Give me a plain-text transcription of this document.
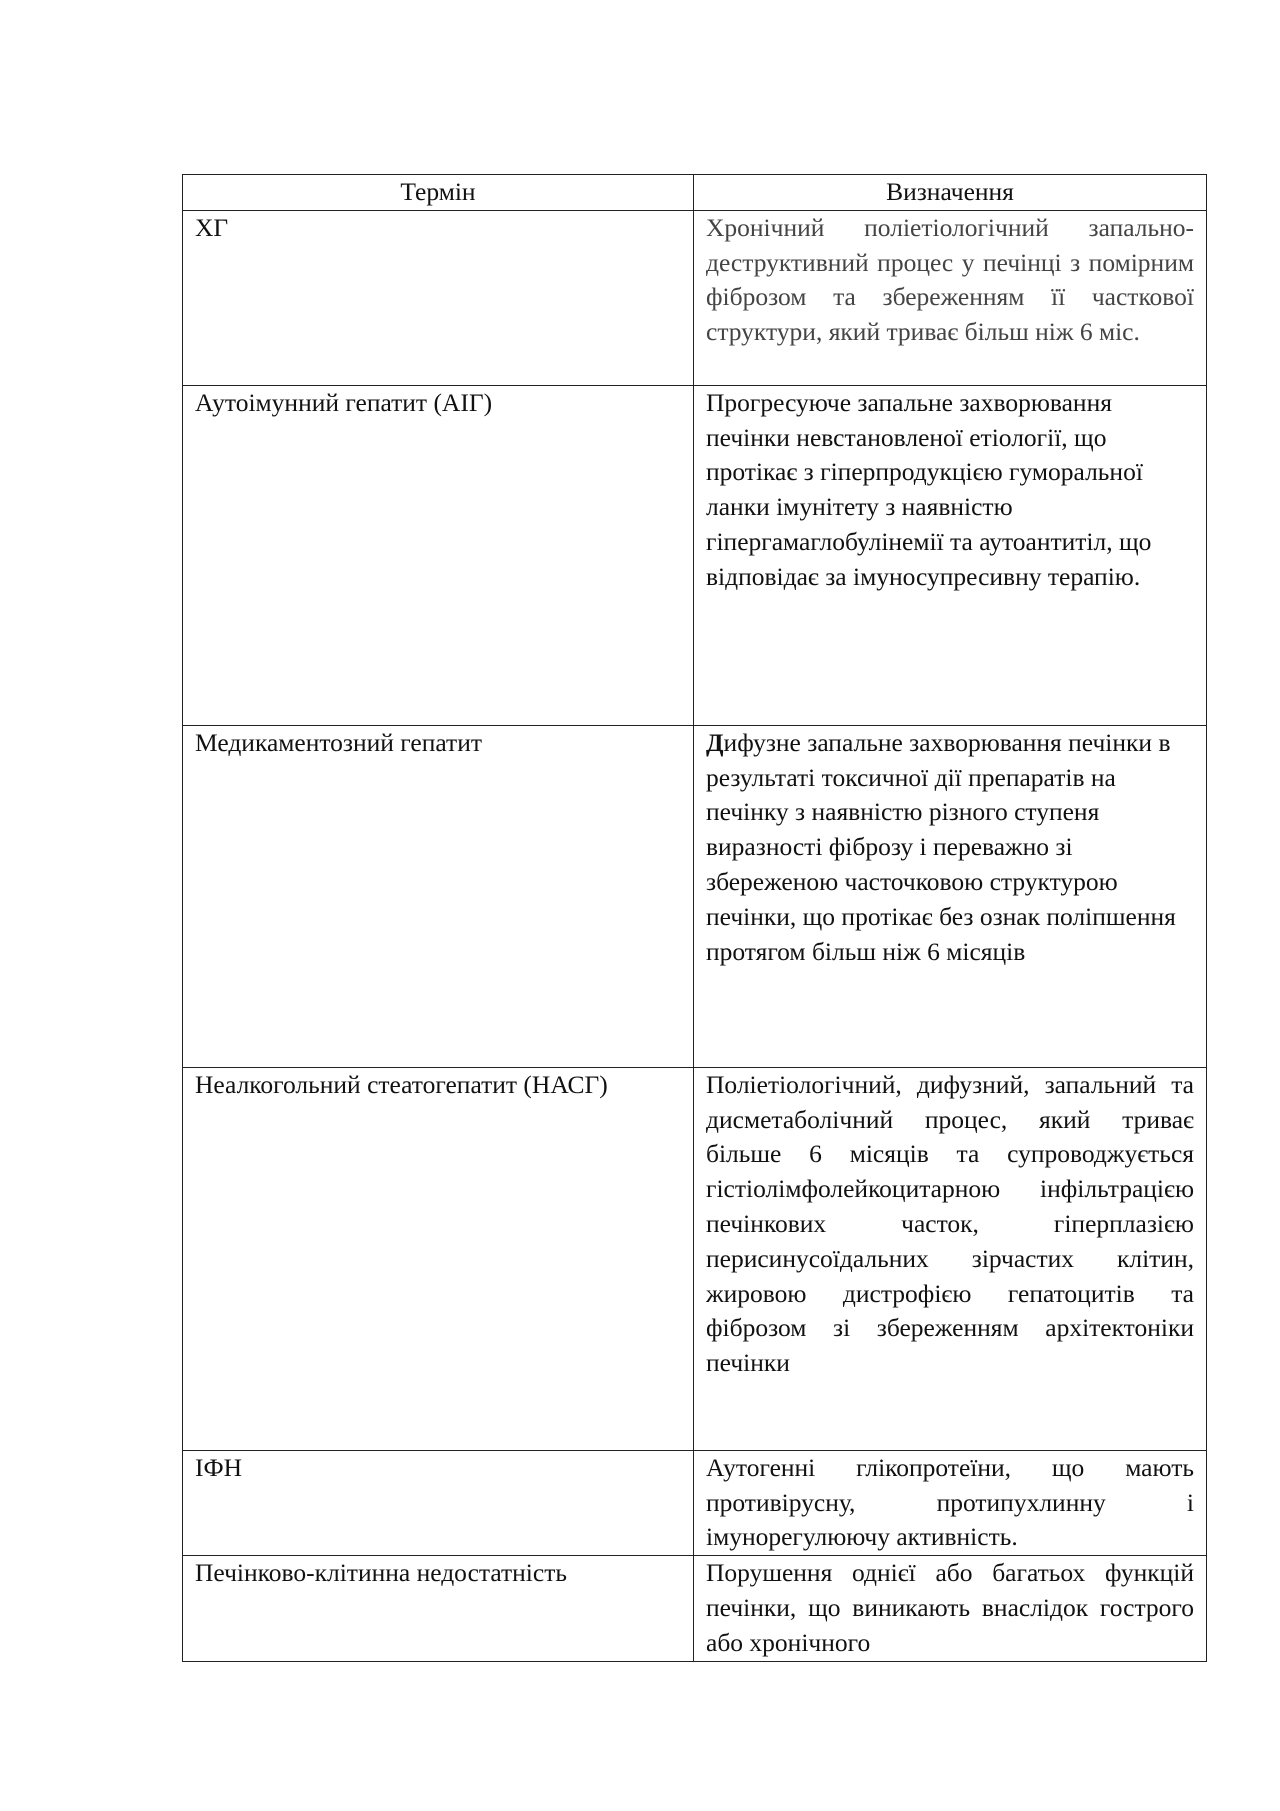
Термін	Визначення
ХГ	Хронічний поліетіологічний запально-деструктивний процес у печінці з помірним фіброзом та збереженням її часткової структури, який триває більш ніж 6 міс.
Аутоімунний гепатит (АІГ)	Прогресуюче запальне захворювання печінки невстановленої етіології, що протікає з гіперпродукцією гуморальної ланки імунітету з наявністю гіпергамаглобулінемії та аутоантитіл, що відповідає за імуносупресивну терапію.
Медикаментозний гепатит	Дифузне запальне захворювання печінки в результаті токсичної дії препаратів на печінку з наявністю різного ступеня виразності фіброзу і переважно зі збереженою часточковою структурою печінки, що протікає без ознак поліпшення протягом більш ніж 6 місяців
Неалкогольний стеатогепатит (НАСГ)	Поліетіологічний, дифузний, запальний та дисметаболічний процес, який триває більше 6 місяців та супроводжується гістіолімфолейкоцитарною інфільтрацією печінкових часток, гіперплазією перисинусоїдальних зірчастих клітин, жировою дистрофією гепатоцитів та фіброзом зі збереженням архітектоніки печінки
ІФН	Аутогенні глікопротеїни, що мають противірусну, протипухлинну і імунорегулюючу активність.
Печінково-клітинна недостатність	Порушення однієї або багатьох функцій печінки, що виникають внаслідок гострого або хронічного
